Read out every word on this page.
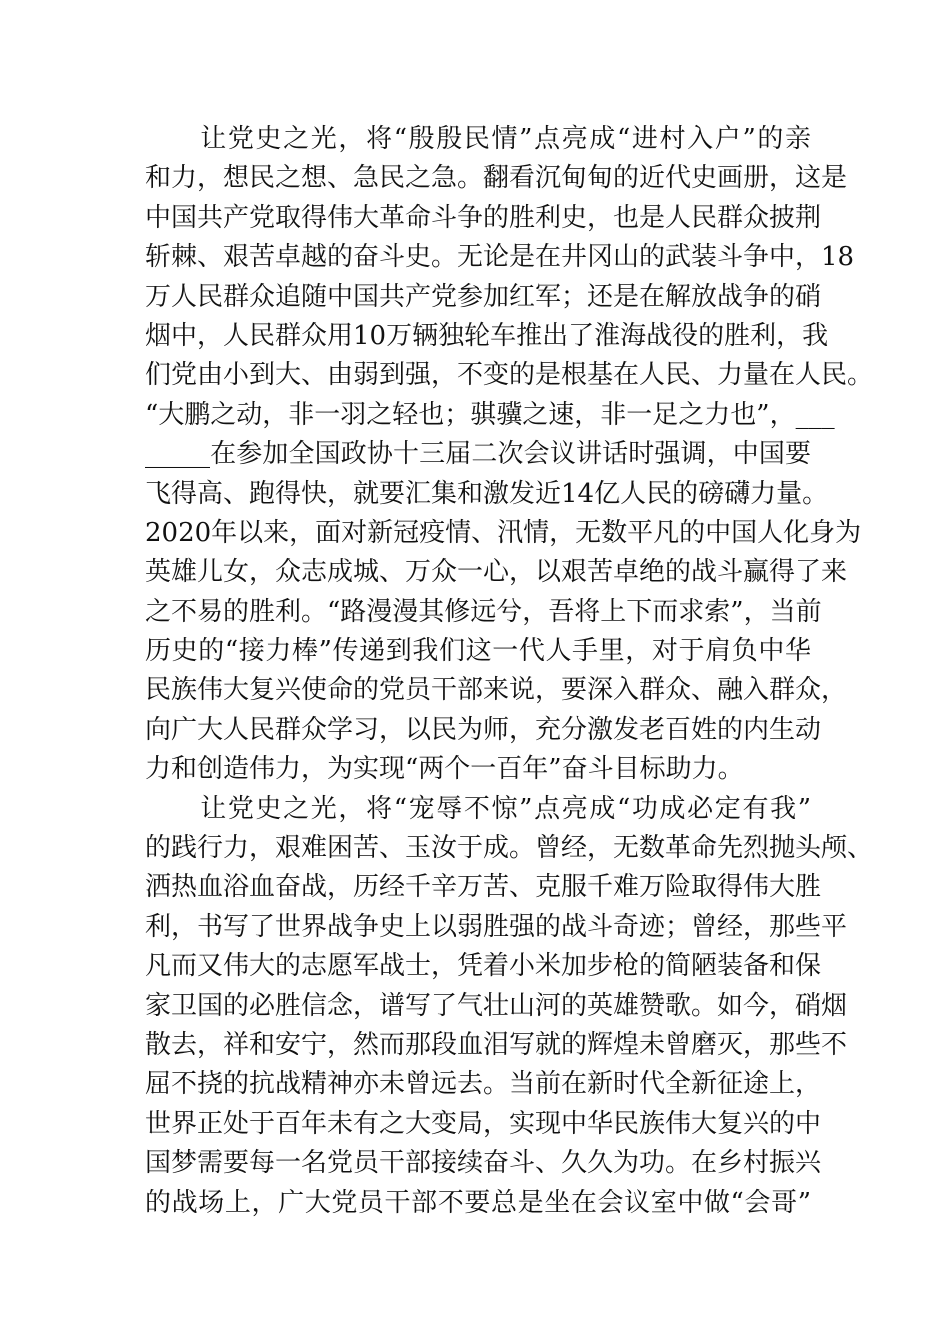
　　让党史之光，将“殷殷民情”点亮成“进村入户”的亲
和力，想民之想、急民之急。翻看沉甸甸的近代史画册，这是
中国共产党取得伟大革命斗争的胜利史，也是人民群众披荆
斩棘、艰苦卓越的奋斗史。无论是在井冈山的武装斗争中，18
万人民群众追随中国共产党参加红军；还是在解放战争的硝
烟中，人民群众用10万辆独轮车推出了淮海战役的胜利，我
们党由小到大、由弱到强，不变的是根基在人民、力量在人民。
“大鹏之动，非一羽之轻也；骐骥之速，非一足之力也”，___
_____在参加全国政协十三届二次会议讲话时强调，中国要
飞得高、跑得快，就要汇集和激发近14亿人民的磅礴力量。
2020年以来，面对新冠疫情、汛情，无数平凡的中国人化身为
英雄儿女，众志成城、万众一心，以艰苦卓绝的战斗赢得了来
之不易的胜利。“路漫漫其修远兮，吾将上下而求索”，当前
历史的“接力棒”传递到我们这一代人手里，对于肩负中华
民族伟大复兴使命的党员干部来说，要深入群众、融入群众，
向广大人民群众学习，以民为师，充分激发老百姓的内生动
力和创造伟力，为实现“两个一百年”奋斗目标助力。
　　让党史之光，将“宠辱不惊”点亮成“功成必定有我”
的践行力，艰难困苦、玉汝于成。曾经，无数革命先烈抛头颅、
洒热血浴血奋战，历经千辛万苦、克服千难万险取得伟大胜
利，书写了世界战争史上以弱胜强的战斗奇迹；曾经，那些平
凡而又伟大的志愿军战士，凭着小米加步枪的简陋装备和保
家卫国的必胜信念，谱写了气壮山河的英雄赞歌。如今，硝烟
散去，祥和安宁，然而那段血泪写就的辉煌未曾磨灭，那些不
屈不挠的抗战精神亦未曾远去。当前在新时代全新征途上，
世界正处于百年未有之大变局，实现中华民族伟大复兴的中
国梦需要每一名党员干部接续奋斗、久久为功。在乡村振兴
的战场上，广大党员干部不要总是坐在会议室中做“会哥”
